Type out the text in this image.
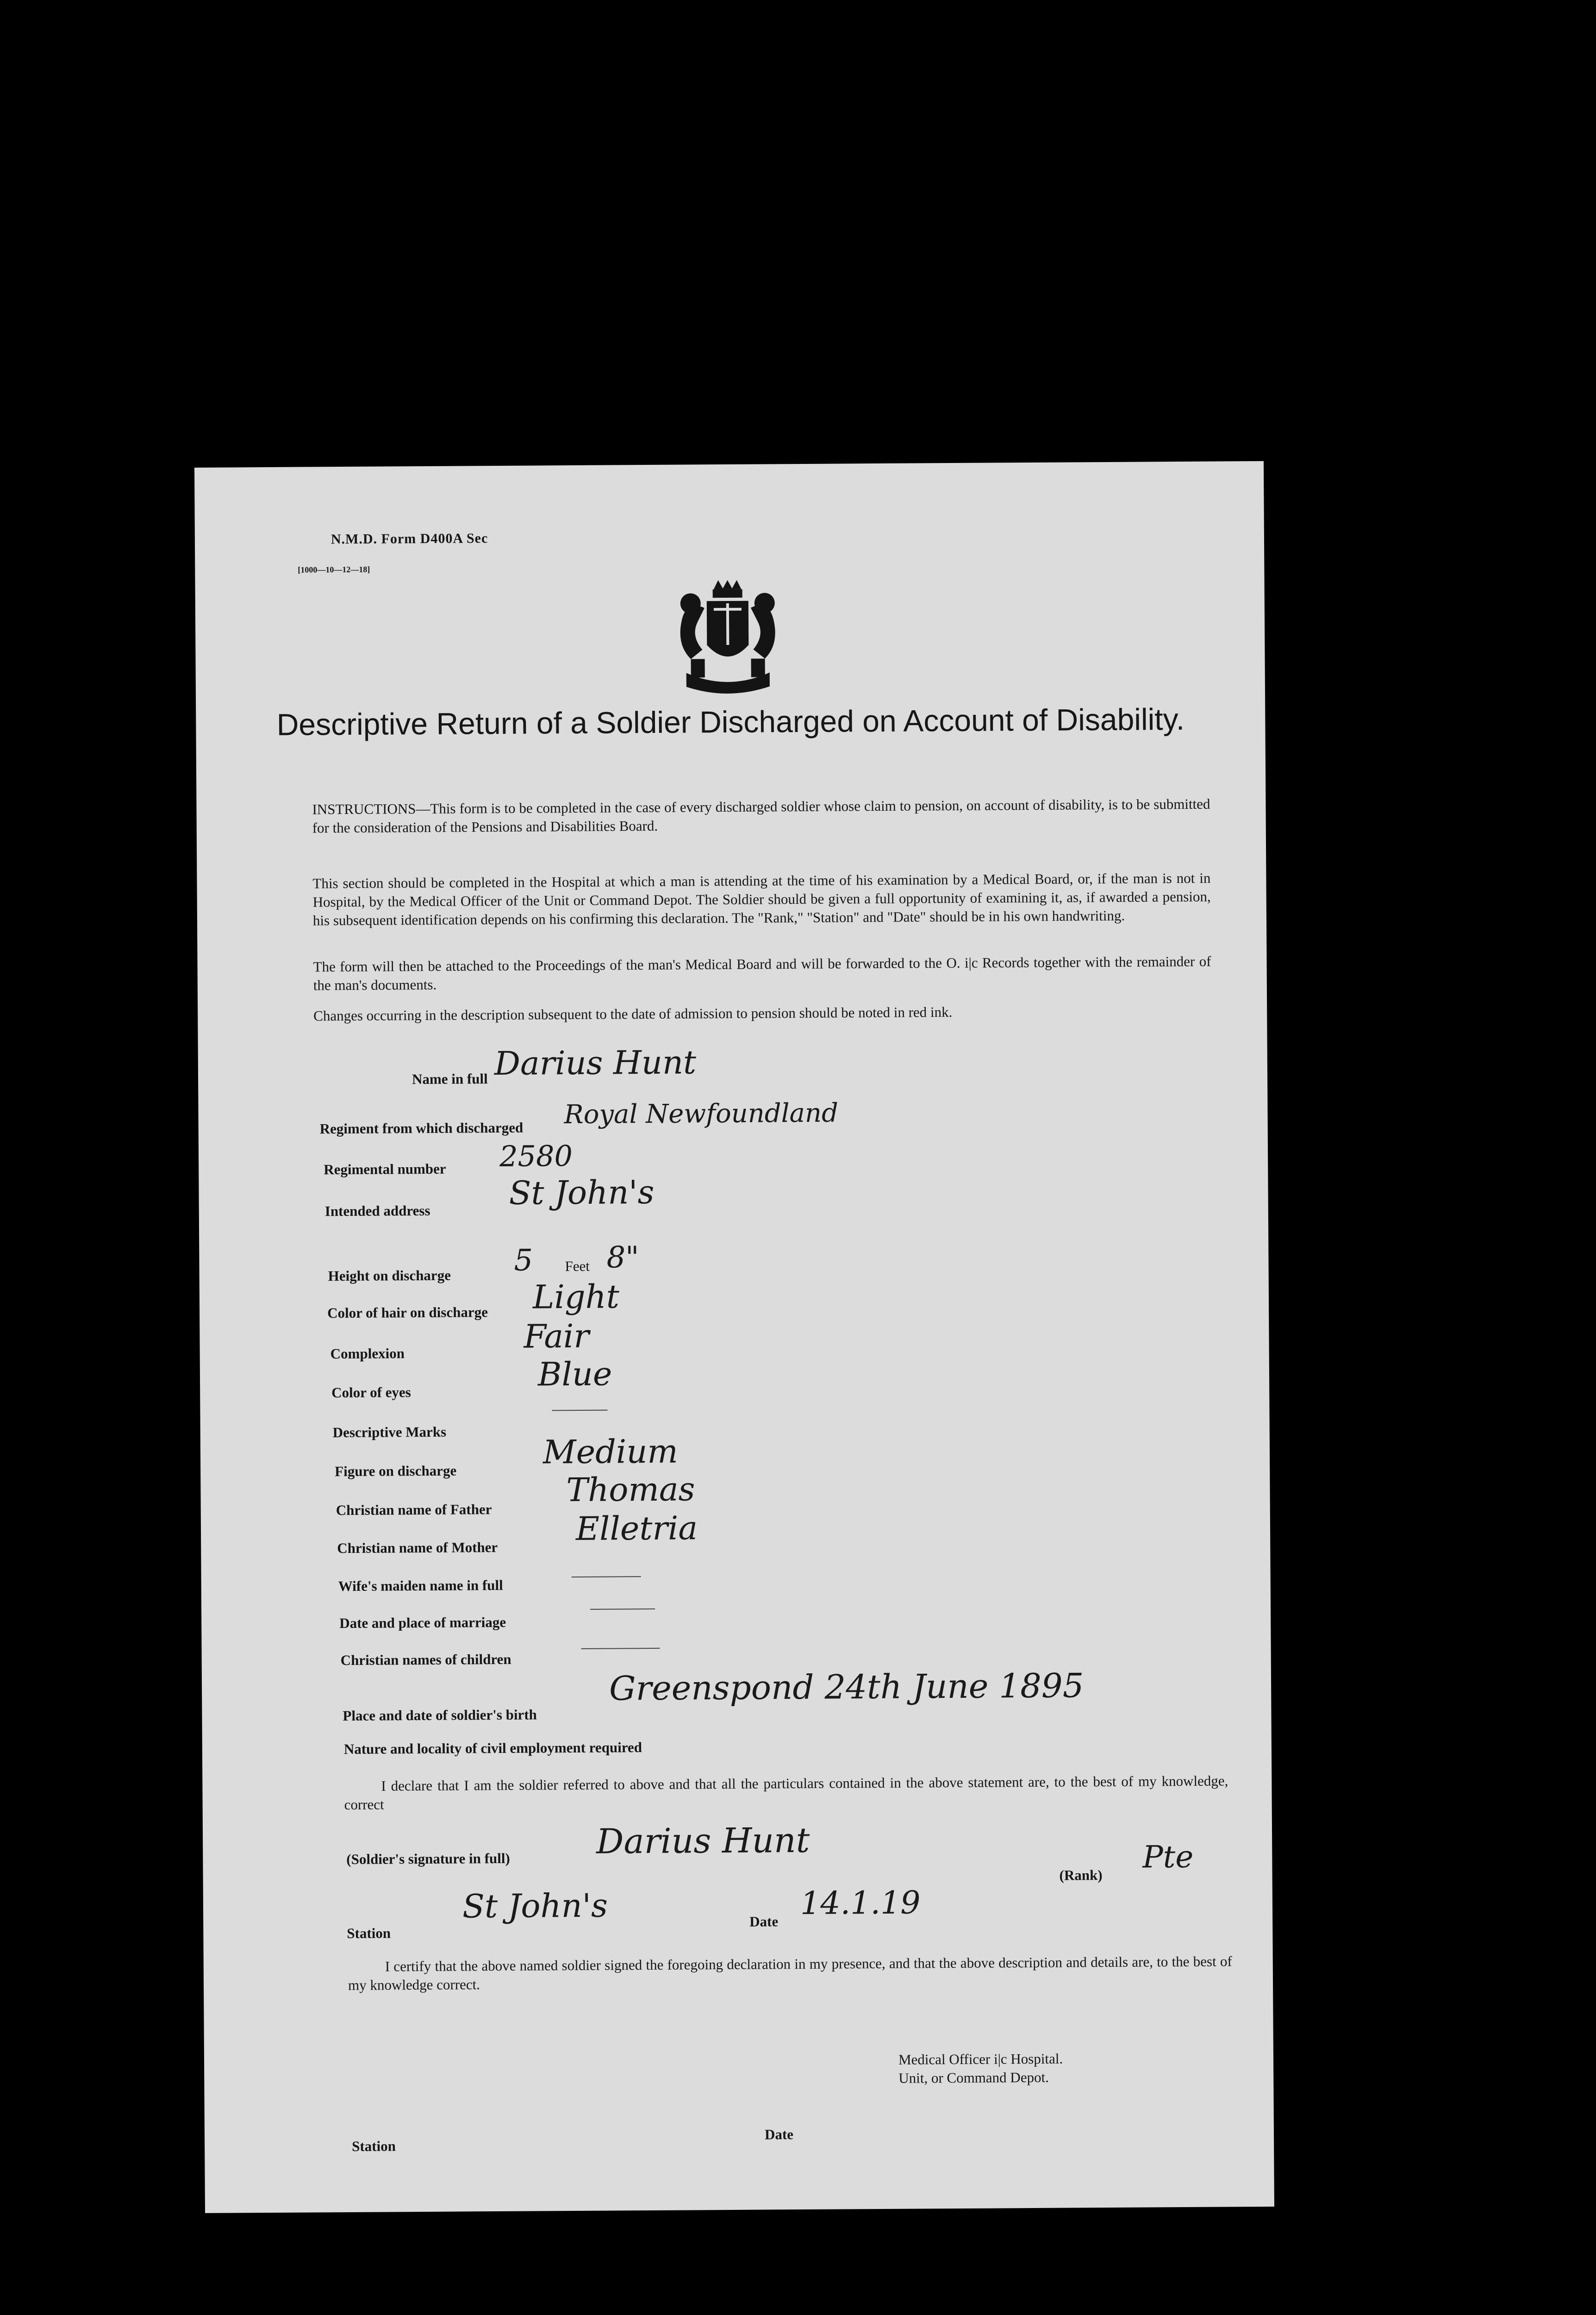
N.M.D. Form D400A Sec
[1000—10—12—18]
Descriptive Return of a Soldier Discharged on Account of Disability.
INSTRUCTIONS—This form is to be completed in the case of every discharged soldier whose claim to pension, on account of disability, is to be submitted for the consideration of the Pensions and Disabilities Board.
This section should be completed in the Hospital at which a man is attending at the time of his examination by a Medical Board, or, if the man is not in Hospital, by the Medical Officer of the Unit or Command Depot. The Soldier should be given a full opportunity of examining it, as, if awarded a pension, his subsequent identification depends on his confirming this declaration. The "Rank," "Station" and "Date" should be in his own handwriting.
The form will then be attached to the Proceedings of the man's Medical Board and will be forwarded to the O. i|c Records together with the remainder of the man's documents.
Changes occurring in the description subsequent to the date of admission to pension should be noted in red ink.
Name in full Darius Hunt
Regiment from which discharged Royal Newfoundland
Regimental number 2580
Intended address St John's
Height on discharge 5 Feet 8"
Color of hair on discharge Light
Complexion	Fair
Color of eyes	Blue
Descriptive Marks
Figure on discharge	Medium
Christian name of Father
Thomas
Christian name of Mother Elletria
Wife's maiden name in full
Date and place of marriage
Christian names of children
Place and date of soldier's birth
Greenspond 24th June 1895
Nature and locality of civil employment required
I declare that I am the soldier referred to above and that all the particulars contained in the above statement are, to the best of my knowledge, correct
(Soldier's signature in full)	Darius Hunt
(Rank)
Pte
Station
St John's	Date 14.1.19
I certify that the above named soldier signed the foregoing declaration in my presence, and that the above description and details are, to the best of my knowledge correct.
Medical Officer i|c Hospital.
Unit, or Command Depot.
Station
Date
